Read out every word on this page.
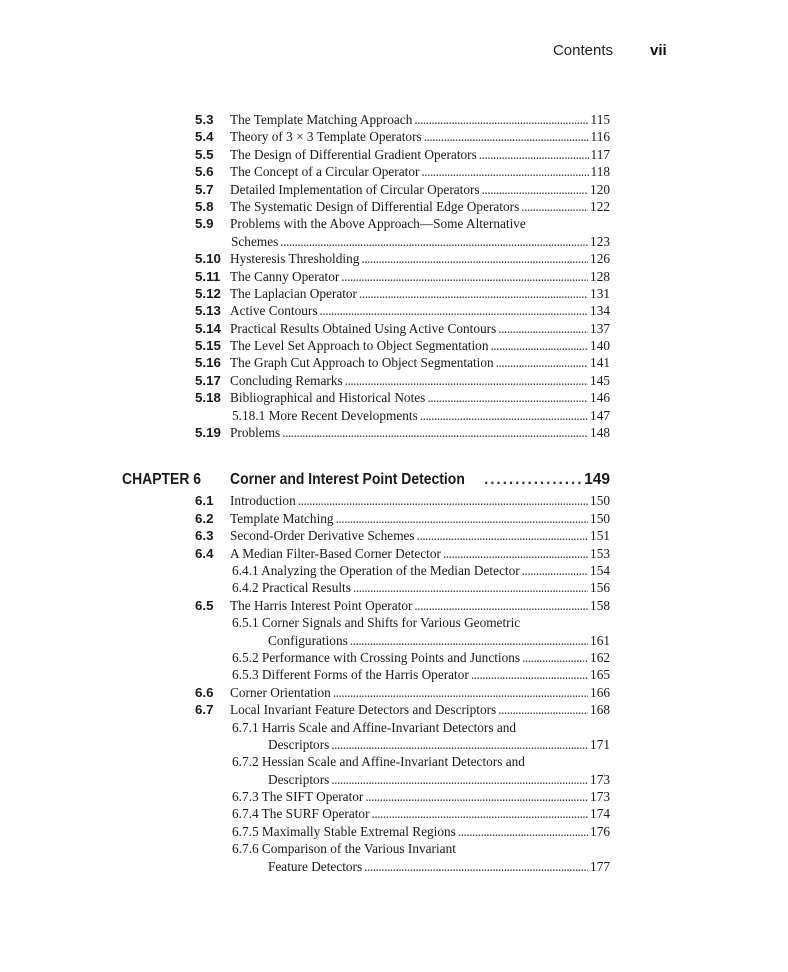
Contents vii
5.3	The Template Matching Approach . . .	115
5.4	Theory of 3 × 3 Template Operators . . .	116
5.5	The Design of Differential Gradient Operators . . .	117
5.6	The Concept of a Circular Operator . . .	118
5.7	Detailed Implementation of Circular Operators . . .	120
5.8	The Systematic Design of Differential Edge Operators . . .	122
5.9	Problems with the Above Approach—Some Alternative
Schemes . . .	123
5.10 Hysteresis Thresholding . . .	126
5.11 The Canny Operator . . .	128
5.12 The Laplacian Operator . . .	131
5.13 Active Contours . . .	134
5.14 Practical Results Obtained Using Active Contours . . .	137
5.15 The Level Set Approach to Object Segmentation . . .	140
5.16 The Graph Cut Approach to Object Segmentation . . .	141
5.17 Concluding Remarks . . .	145
5.18 Bibliographical and Historical Notes . . .	146
5.18.1 More Recent Developments . . .	147
5.19 Problems . . .	148
CHAPTER 6 Corner and Interest Point Detection . . .	149
6.1	Introduction . . .	150
6.2	Template Matching . . .	150
6.3	Second-Order Derivative Schemes . . .	151
6.4	A Median Filter-Based Corner Detector . . .	153
6.4.1 Analyzing the Operation of the Median Detector . . .	154
6.4.2 Practical Results . . .	156
6.5	The Harris Interest Point Operator . . .	158
6.5.1 Corner Signals and Shifts for Various Geometric
Configurations . . .	161
6.5.2 Performance with Crossing Points and Junctions . . .	162
6.5.3 Different Forms of the Harris Operator . . .	165
6.6	Corner Orientation . . .	166
6.7	Local Invariant Feature Detectors and Descriptors . . .	168
6.7.1 Harris Scale and Affine-Invariant Detectors and
Descriptors . . .	171
6.7.2 Hessian Scale and Affine-Invariant Detectors and
Descriptors . . .	173
6.7.3 The SIFT Operator . . .	173
6.7.4 The SURF Operator . . .	174
6.7.5 Maximally Stable Extremal Regions . . .	176
6.7.6 Comparison of the Various Invariant
Feature Detectors . . .	177
